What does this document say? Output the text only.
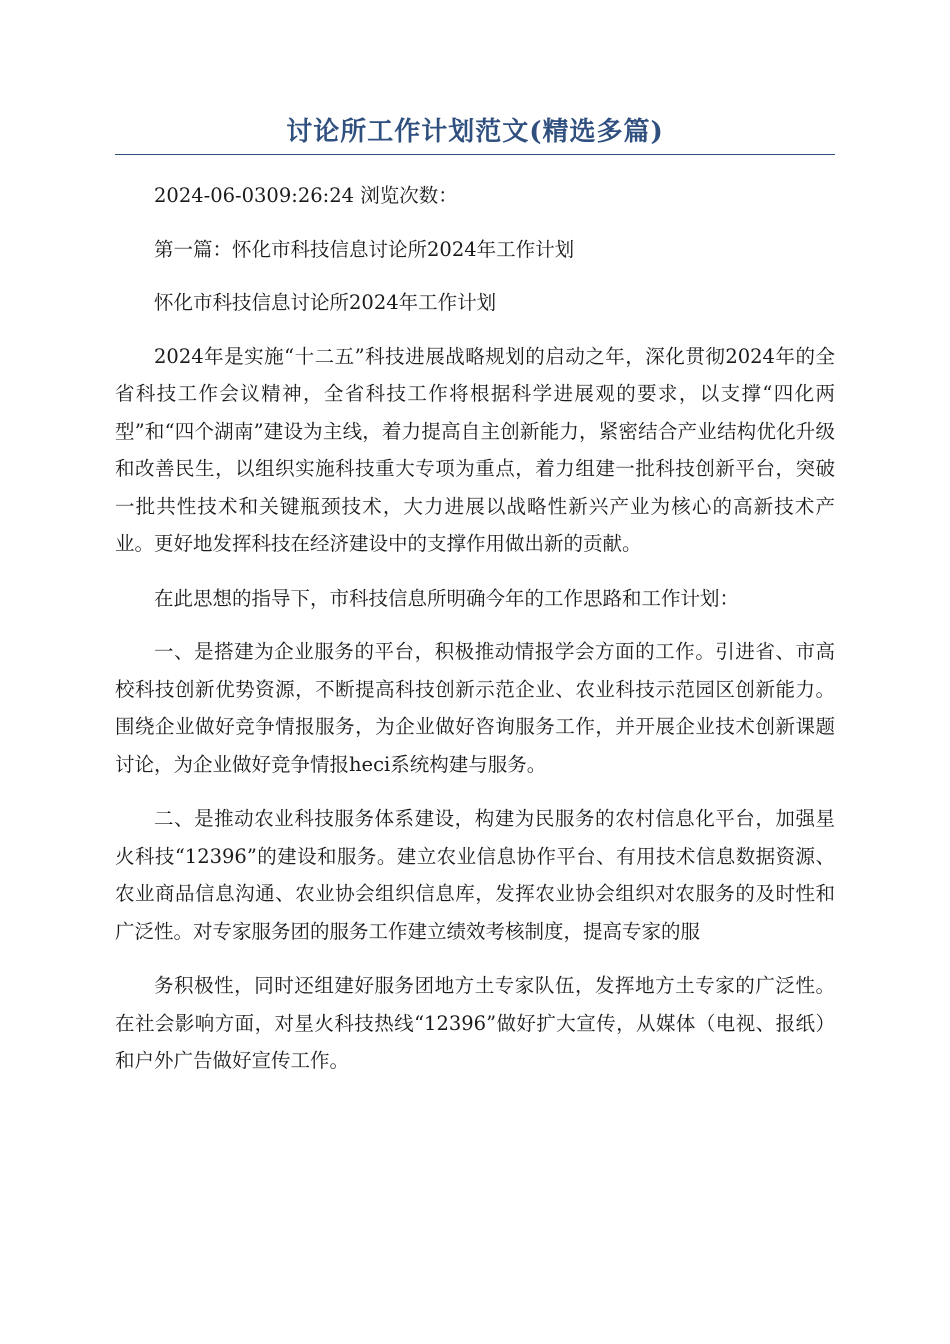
讨论所工作计划范文(精选多篇)

2024-06-0309:26:24 浏览次数：

第一篇：怀化市科技信息讨论所2024年工作计划

怀化市科技信息讨论所2024年工作计划

2024年是实施“十二五”科技进展战略规划的启动之年，深化贯彻2024年的全省科技工作会议精神，全省科技工作将根据科学进展观的要求，以支撑“四化两型”和“四个湖南”建设为主线，着力提高自主创新能力，紧密结合产业结构优化升级和改善民生，以组织实施科技重大专项为重点，着力组建一批科技创新平台，突破一批共性技术和关键瓶颈技术，大力进展以战略性新兴产业为核心的高新技术产业。更好地发挥科技在经济建设中的支撑作用做出新的贡献。

在此思想的指导下，市科技信息所明确今年的工作思路和工作计划：

一、是搭建为企业服务的平台，积极推动情报学会方面的工作。引进省、市高校科技创新优势资源，不断提高科技创新示范企业、农业科技示范园区创新能力。围绕企业做好竞争情报服务，为企业做好咨询服务工作，并开展企业技术创新课题讨论，为企业做好竞争情报heci系统构建与服务。

二、是推动农业科技服务体系建设，构建为民服务的农村信息化平台，加强星火科技“12396”的建设和服务。建立农业信息协作平台、有用技术信息数据资源、农业商品信息沟通、农业协会组织信息库，发挥农业协会组织对农服务的及时性和广泛性。对专家服务团的服务工作建立绩效考核制度，提高专家的服

务积极性，同时还组建好服务团地方土专家队伍，发挥地方土专家的广泛性。在社会影响方面，对星火科技热线“12396”做好扩大宣传，从媒体（电视、报纸）和户外广告做好宣传工作。
